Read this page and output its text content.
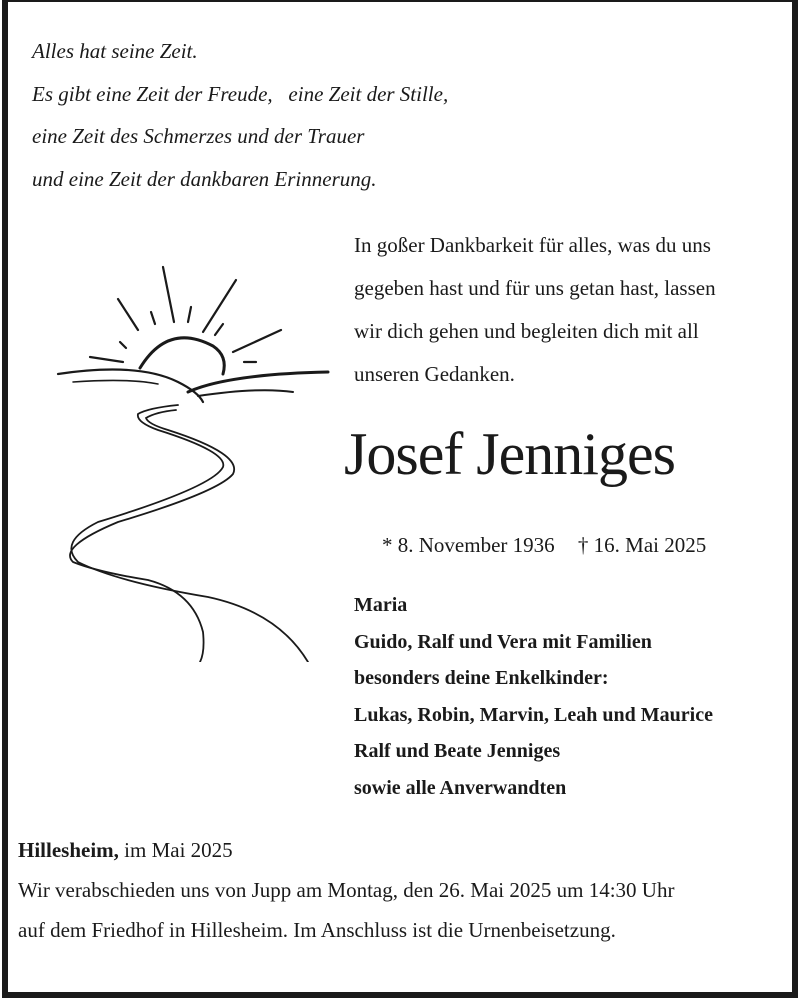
Alles hat seine Zeit.
Es gibt eine Zeit der Freude,   eine Zeit der Stille,
eine Zeit des Schmerzes und der Trauer
und eine Zeit der dankbaren Erinnerung.
In goßer Dankbarkeit für alles, was du uns
gegeben hast und für uns getan hast, lassen
wir dich gehen und begleiten dich mit all
unseren Gedanken.
Josef Jenniges
* 8. November 1936 † 16. Mai 2025
Maria
Guido, Ralf und Vera mit Familien
besonders deine Enkelkinder:
Lukas, Robin, Marvin, Leah und Maurice
Ralf und Beate Jenniges
sowie alle Anverwandten
Hillesheim, im Mai 2025
Wir verabschieden uns von Jupp am Montag, den 26. Mai 2025 um 14:30 Uhr
auf dem Friedhof in Hillesheim. Im Anschluss ist die Urnenbeisetzung.
